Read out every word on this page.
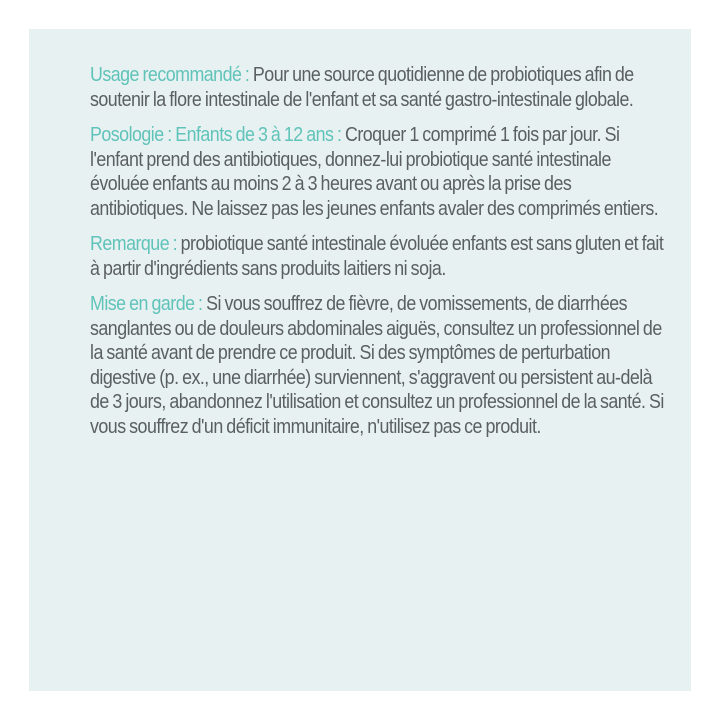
Usage recommandé : Pour une source quotidienne de probiotiques afin de soutenir la flore intestinale de l'enfant et sa santé gastro-intestinale globale.

Posologie : Enfants de 3 à 12 ans : Croquer 1 comprimé 1 fois par jour. Si l'enfant prend des antibiotiques, donnez-lui probiotique santé intestinale évoluée enfants au moins 2 à 3 heures avant ou après la prise des antibiotiques. Ne laissez pas les jeunes enfants avaler des comprimés entiers.

Remarque : probiotique santé intestinale évoluée enfants est sans gluten et fait à partir d'ingrédients sans produits laitiers ni soja.

Mise en garde : Si vous souffrez de fièvre, de vomissements, de diarrhées sanglantes ou de douleurs abdominales aiguës, consultez un professionnel de la santé avant de prendre ce produit. Si des symptômes de perturbation digestive (p. ex., une diarrhée) surviennent, s'aggravent ou persistent au-delà de 3 jours, abandonnez l'utilisation et consultez un professionnel de la santé. Si vous souffrez d'un déficit immunitaire, n'utilisez pas ce produit.
